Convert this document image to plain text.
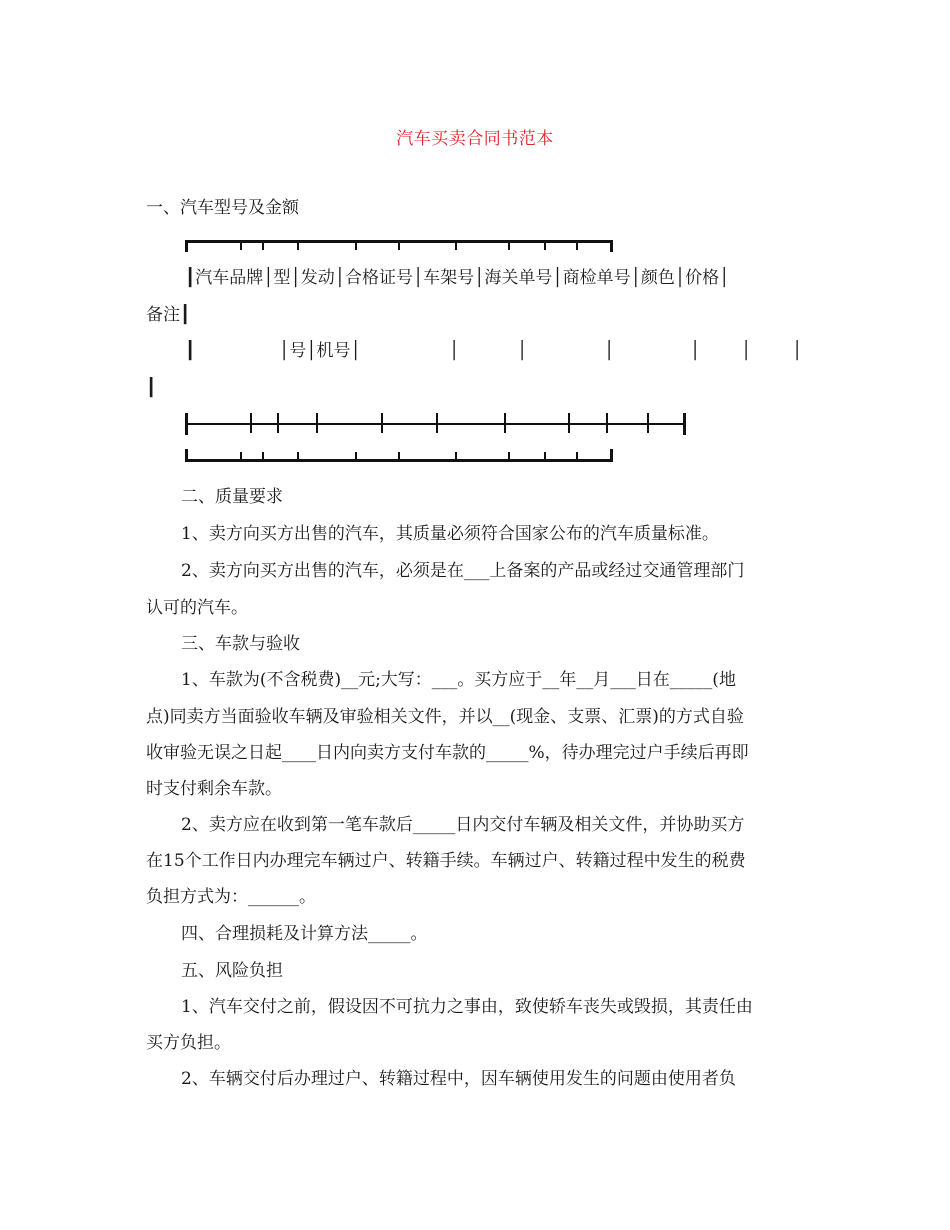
汽车买卖合同书范本
一、汽车型号及金额
┃汽车品牌│型│发动│合格证号│车架号│海关单号│商检单号│颜色│价格│
备注┃
┃	│号│机号│	│	│	│	│ │ │
┃
二、质量要求
1、卖方向买方出售的汽车，其质量必须符合国家公布的汽车质量标准。
2、卖方向买方出售的汽车，必须是在___上备案的产品或经过交通管理部门
认可的汽车。
三、车款与验收
1、车款为(不含税费)__元;大写：___。买方应于__年__月___日在_____(地
点)同卖方当面验收车辆及审验相关文件，并以__(现金、支票、汇票)的方式自验
收审验无误之日起____日内向卖方支付车款的_____%，待办理完过户手续后再即
时支付剩余车款。
2、卖方应在收到第一笔车款后_____日内交付车辆及相关文件，并协助买方
在15个工作日内办理完车辆过户、转籍手续。车辆过户、转籍过程中发生的税费
负担方式为：______。
四、合理损耗及计算方法_____。
五、风险负担
1、汽车交付之前，假设因不可抗力之事由，致使轿车丧失或毁损，其责任由
买方负担。
2、车辆交付后办理过户、转籍过程中，因车辆使用发生的问题由使用者负
